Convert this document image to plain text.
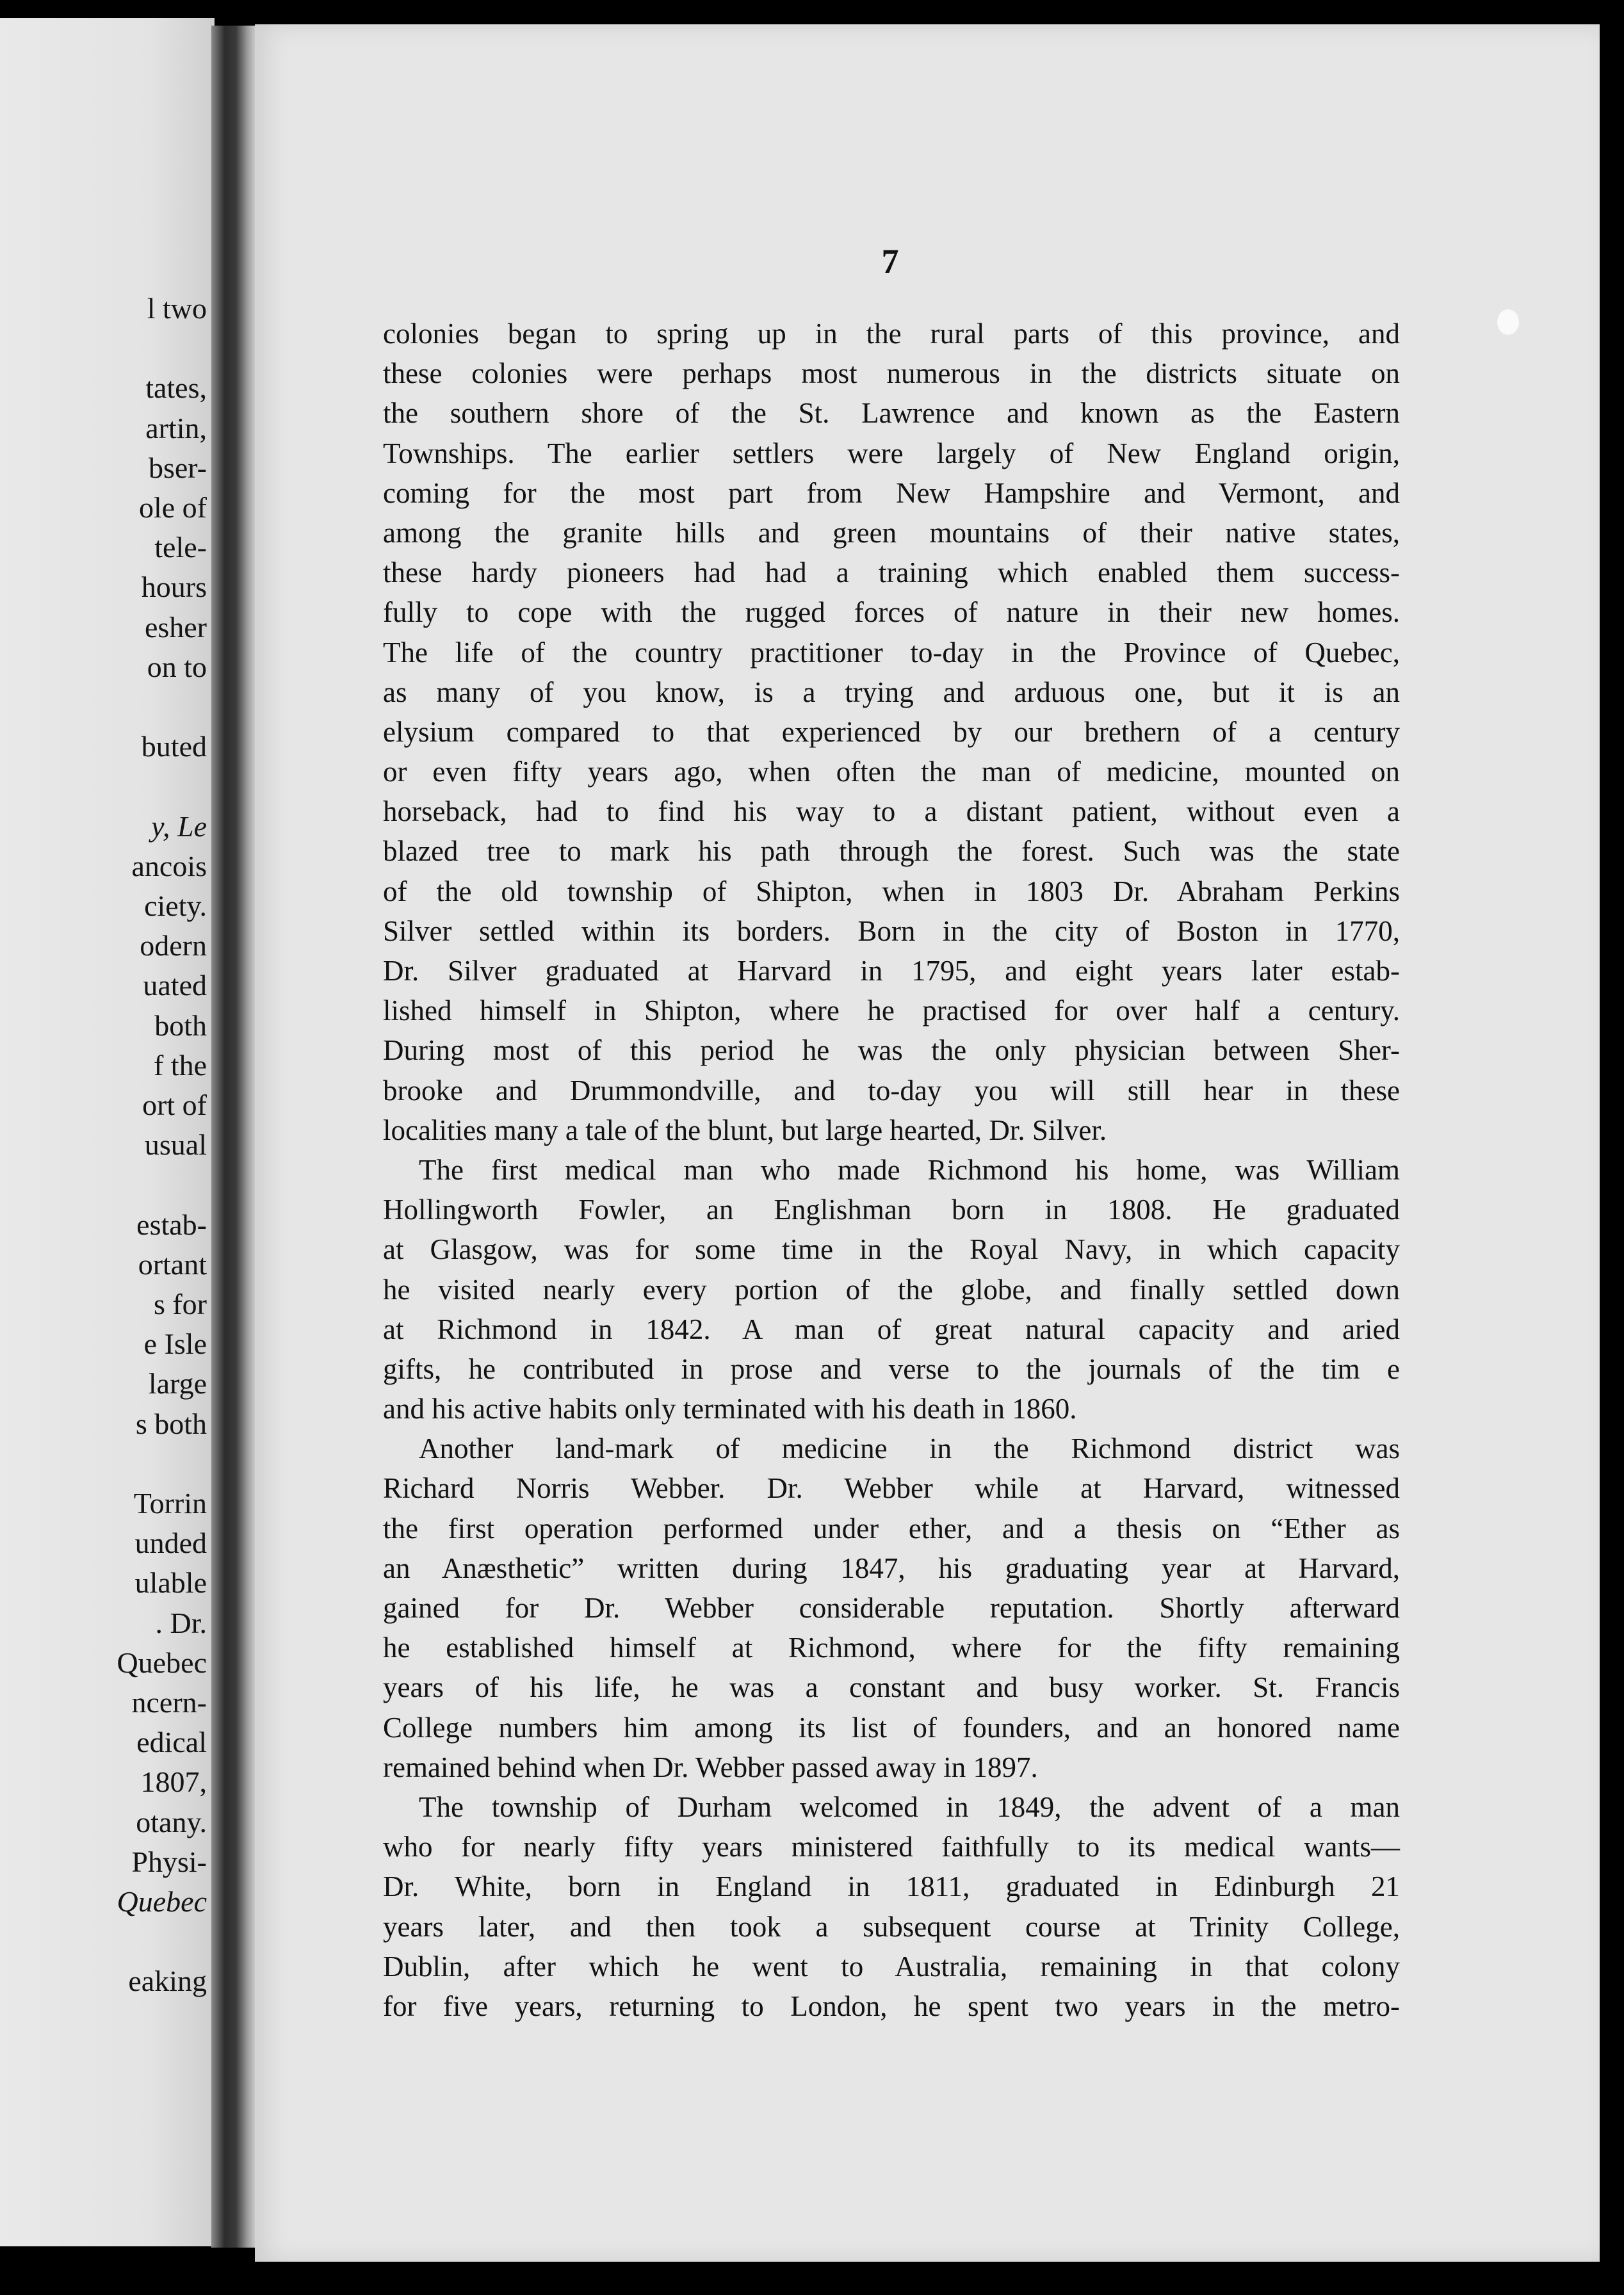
l two
tates,
artin,
bser-
ole of
tele-
hours
esher
on to
buted
y, Le
ancois
ciety.
odern
uated
both
f the
ort of
usual
estab-
ortant
s for
e Isle
large
s both
Torrin
unded
ulable
. Dr.
Quebec
ncern-
edical
1807,
otany.
Physi-
Quebec
eaking
7
colonies began to spring up in the rural parts of this province, and
these colonies were perhaps most numerous in the districts situate on
the southern shore of the St. Lawrence and known as the Eastern
Townships. The earlier settlers were largely of New England origin,
coming for the most part from New Hampshire and Vermont, and
among the granite hills and green mountains of their native states,
these hardy pioneers had had a training which enabled them success-
fully to cope with the rugged forces of nature in their new homes.
The life of the country practitioner to-day in the Province of Quebec,
as many of you know, is a trying and arduous one, but it is an
elysium compared to that experienced by our brethern of a century
or even fifty years ago, when often the man of medicine, mounted on
horseback, had to find his way to a distant patient, without even a
blazed tree to mark his path through the forest. Such was the state
of the old township of Shipton, when in 1803 Dr. Abraham Perkins
Silver settled within its borders. Born in the city of Boston in 1770,
Dr. Silver graduated at Harvard in 1795, and eight years later estab-
lished himself in Shipton, where he practised for over half a century.
During most of this period he was the only physician between Sher-
brooke and Drummondville, and to-day you will still hear in these
localities many a tale of the blunt, but large hearted, Dr. Silver.
The first medical man who made Richmond his home, was William
Hollingworth Fowler, an Englishman born in 1808. He graduated
at Glasgow, was for some time in the Royal Navy, in which capacity
he visited nearly every portion of the globe, and finally settled down
at Richmond in 1842. A man of great natural capacity and aried
gifts, he contributed in prose and verse to the journals of the tim e
and his active habits only terminated with his death in 1860.
Another land-mark of medicine in the Richmond district was
Richard Norris Webber. Dr. Webber while at Harvard, witnessed
the first operation performed under ether, and a thesis on “Ether as
an Anæsthetic” written during 1847, his graduating year at Harvard,
gained for Dr. Webber considerable reputation. Shortly afterward
he established himself at Richmond, where for the fifty remaining
years of his life, he was a constant and busy worker. St. Francis
College numbers him among its list of founders, and an honored name
remained behind when Dr. Webber passed away in 1897.
The township of Durham welcomed in 1849, the advent of a man
who for nearly fifty years ministered faithfully to its medical wants—
Dr. White, born in England in 1811, graduated in Edinburgh 21
years later, and then took a subsequent course at Trinity College,
Dublin, after which he went to Australia, remaining in that colony
for five years, returning to London, he spent two years in the metro-
